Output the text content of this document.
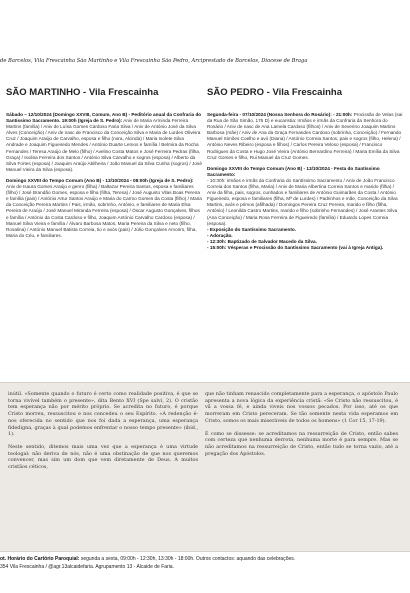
de Barcelos, Vila Frescainha São Martinho e Vila Frescainha São Pedro, Arciprestado de Barcelos, Diocese de Braga
SÃO MARTINHO - Vila Frescainha	SÃO PEDRO - Vila Frescainha

Sábado – 12/10/2024 (Domingo XXVIII, Comum, Ano B) - Peditório anual da Confraria do Santíssimo Sacramento. 19:00h (Igreja de S. Pedro): Aniv de Maria Arminda Ferreira Martins (família) / Aniv de Luísa Gomes Cardoso Faria Silva / Aniv de António José da Silva Alves (Conceição) / Aniv de nasc de Francisco da Conceição Silva e Maria de Lurdes Oliveira Cruz / Joaquim Araújo de Carvalho, esposa e filho (nora, Alcinda) / Maria Isolete Silva Andrade e Joaquim Figueiredo Mendes / António Duarte Lemos e família / Belmira da Rocha Fernandes / Teresa Araújo de Melo (filho) / Avelino Costa Matos e José Ferreira Pedras (filha, Graça) / Isolina Ferreira dos Santos / António Silva Carvalho e sogros (esposa) / Alberto da Silva Fortes (esposa) / Joaquim Araújo Abilheira / João Manuel da Silva Cunha (sogros) / José Manuel Vieira da Silva (esposa).

Domingo XXVIII do Tempo Comum (Ano B) - 13/10/2024 - 08:00h (Igreja de S. Pedro): Aniv de Isaura Gomes Araújo e genro (filha) / Baltazar Pereira Santos, esposa e familiares (filho) / José Brandão Gomes, esposa e filha (filha, Teresa) / José Augusto Vilas Boas Pereira e família (pais) / António Artur Santos Araújo e Maria do Carmo Gomes da Costa (filho) / Maria da Conceição Pereira Martins / Pais, irmão, sobrinho, António, e familiares de Maria Elsa Pereira de Araújo / José Manuel Miranda Ferreira (esposa) / Óscar Augusto Gonçalves, filhos e família / António da Costa Cardoso e filho, Joaquim António Carvalho Cardoso (esposa) / Manuel Silva Vieira e família / Álvaro Barbosa Matos, Maria Pereira da Silva e neto (filho, Rosalina) / António Manuel Batista Correia, tio e avós (pais) / Júlio Gonçalves Amorim, filha, Maria do Céu, e familiares.

Segunda-feira - 07/10/2024 (Nossa Senhora do Rosário): - 21:00h: Procissão de Velas (sai da Rua de São Simão, 176 D) e eucaristia: Irmãos e irmãs da Confraria da Senhora do Rosário / Aniv de nasc de Ana Lamela Cardoso (filhos) / Aniv de Severino Joaquim Martins Barbosa (mãe) / Aniv de Ana da Graça Fernandes Cardoso (sobrinha, Conceição) / Fernando Manuel Simões Coelho e avó (Diana) / António Correia Santos, pais e sogros (filho, Helena) / António Neves Ribeiro (esposa e filhos) / Carlos Pereira Veloso (esposa) / Francisco Rodrigues da Costa e Hugo José Vieira (António Bernardino Ferreira) / Maria Emília da Silva Cruz Gomes e filho, Rui Manuel da Cruz Gomes.

Domingo XXVIII do Tempo Comum (Ano B) - 13/10/2024 - Festa do Santíssimo Sacramento:
- 10:30h: irmãos e irmãs da Confraria do Santíssimo Sacramento / Aniv de João Francisco Correia dos Santos (filha, Maria) / Aniv de Maria Albertina Correia Santos e marido (filha) / Aniv da filha, pais, sogros, cunhados e familiares de António Guimarães da Costa / António Figueiredo, esposa e familiares (filha, Mª de Lurdes) / Padrinhos e mãe, Conceição da Silva Martins, avós e primos (afilhada) / Domingos Pereira Cruz Pereira, marido e filho (filha, António) / Leonilda Castro Martins, marido e filho (sobrinho Fernandes) / José Arantes Silva (Ana Conceição) / Maria Rosa Ferreira de Figueiredo (família) / Eduardo Lopes Correia (esposa).
- Exposição do Santíssimo Sacramento.
- Adoração.
- 12:30h: Baptizado de Salvador Macedo da Silva.
- 15:00h: Vésperas e Procissão do Santíssimo Sacramento (vai à Igreja Antiga).

inútil. «Somente quando o futuro é certo como realidade positiva, é que se torna vivível também o presente», dita Bento XVI (Spe salvi, 2). O cristão tem esperança não por mérito próprio. Se acredita no futuro, é porque Cristo morreu, ressuscitou e nos concedeu o seu Espírito. «A redenção é-nos oferecida no sentido que nos foi dada a esperança, uma esperança fidedigna, graças à qual podemos enfrentar o nosso tempo presente» (ibid., 1).

Neste sentido, ditemos mais uma vez que a esperança é uma virtude teologal: não deriva de nós, não é uma obstinação de que nos queremos convencer, mas sim um dom que vem diretamente de Deus. A muitos cristãos céticos,

que não tinham renascido completamente para a esperança, o apóstolo Paulo apresenta a nova lógica da experiência cristã: «Se Cristo não ressuscitou, é vã a vossa fé, e ainda viveis nos vossos pecados. Por isso, até os que morreram em Cristo pereceram. Se tão somente nesta vida esperamos em Cristo, somos os mais miseráveis de todos os homens» (1 Cor 15, 17-19).

É como se dissesse: se acreditamos na ressurreição de Cristo, então sabes com certeza que nenhuma derrota, nenhuma morte é para sempre. Mas se não acreditamos na ressurreição de Cristo, então tudo se torna vazio, até a pregação dos Apóstolos.

ot. Horário do Cartório Paroquial: segunda a sexta, 09:00h - 12:30h, 13:30h - 18:00h. Outros contactos: aquando das celebrações.
354 Vila Frescainha / @agr.13alcaidefaria. Agrupamento 13 - Alcaide de Faria.
